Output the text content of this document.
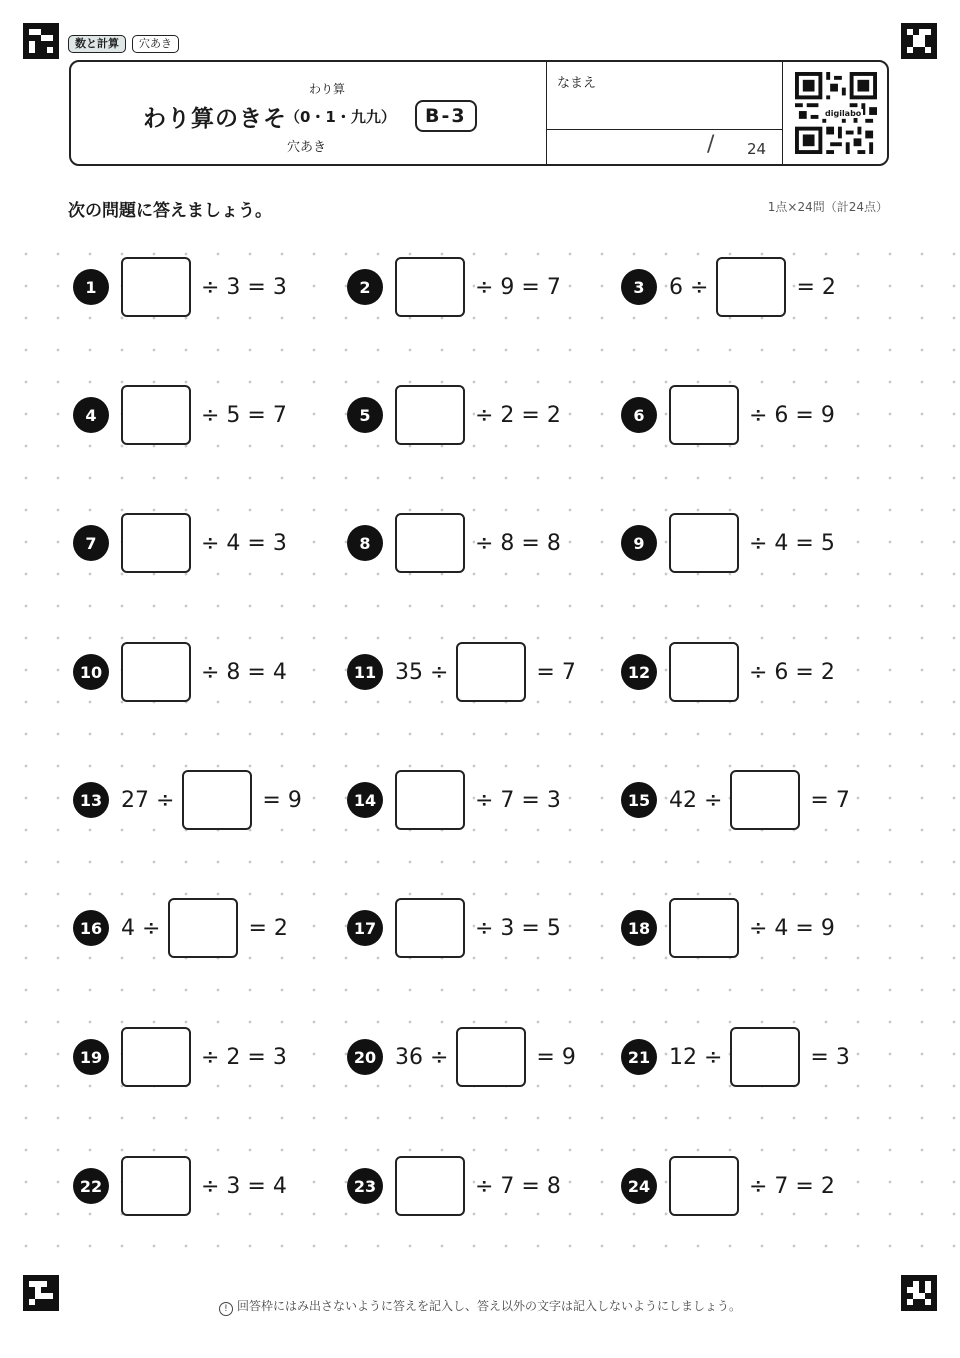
数と計算	穴あき
わり算
わり算のきそ
（0・1・九九）	B-3
穴あき
なまえ
/ 24
digilabo
次の問題に答えましょう。	1点×24問（計24点）
1	÷ 3 = 3	2	÷ 9 = 7	3	6 ÷	= 2
4	÷ 5 = 7	5	÷ 2 = 2	6	÷ 6 = 9
7	÷ 4 = 3	8	÷ 8 = 8	9	÷ 4 = 5
10	÷ 8 = 4	11 35 ÷	= 7	12	÷ 6 = 2
13 27 ÷	= 9	14	÷ 7 = 3	15 42 ÷	= 7
16 4 ÷	= 2	17	÷ 3 = 5	18	÷ 4 = 9
19	÷ 2 = 3	20 36 ÷	= 9	21 12 ÷	= 3
22	÷ 3 = 4	23	÷ 7 = 8	24	÷ 7 = 2
! 回答枠にはみ出さないように答えを記入し、答え以外の文字は記入しないようにしましょう。
